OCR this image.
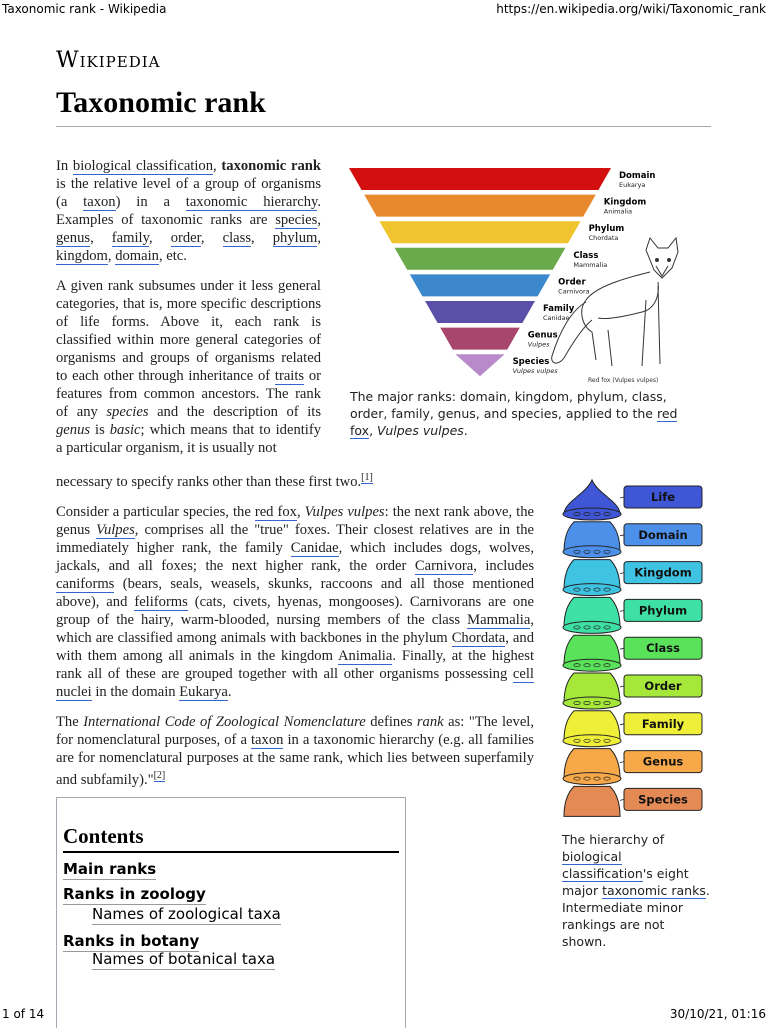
Taxonomic rank - Wikipedia	https://en.wikipedia.org/wiki/Taxonomic_rank
Wikipedia
Taxonomic rank

In biological classification, taxonomic rank is the relative level of a group of organisms (a taxon) in a taxonomic hierarchy. Examples of taxonomic ranks are species, genus, family, order, class, phylum, kingdom, domain, etc.

A given rank subsumes under it less general categories, that is, more specific descriptions of life forms. Above it, each rank is classified within more general categories of organisms and groups of organisms related to each other through inheritance of traits or features from common ancestors. The rank of any species and the description of its genus is basic; which means that to identify a particular organism, it is usually not

necessary to specify ranks other than these first two.[1]

Consider a particular species, the red fox, Vulpes vulpes: the next rank above, the genus Vulpes, comprises all the "true" foxes. Their closest relatives are in the immediately higher rank, the family Canidae, which includes dogs, wolves, jackals, and all foxes; the next higher rank, the order Carnivora, includes caniforms (bears, seals, weasels, skunks, raccoons and all those mentioned above), and feliforms (cats, civets, hyenas, mongooses). Carnivorans are one group of the hairy, warm-blooded, nursing members of the class Mammalia, which are classified among animals with backbones in the phylum Chordata, and with them among all animals in the kingdom Animalia. Finally, at the highest rank all of these are grouped together with all other organisms possessing cell nuclei in the domain Eukarya.

The International Code of Zoological Nomenclature defines rank as: "The level, for nomenclatural purposes, of a taxon in a taxonomic hierarchy (e.g. all families are for nomenclatural purposes at the same rank, which lies between superfamily and subfamily)."[2]

Domain
Eukarya
Kingdom
Animalia
Phylum
Chordata
Class
Mammalia
Order
Carnivora
Family
Canidae
Genus
Vulpes
Species
Vulpes vulpes
Red fox (Vulpes vulpes)
The major ranks: domain, kingdom, phylum, class, order, family, genus, and species, applied to the red fox, Vulpes vulpes.
Life
Domain
Kingdom
Phylum
Class
Order
Family
Genus
Species
The hierarchy of biological classification's eight major taxonomic ranks. Intermediate minor rankings are not shown.
Contents
Main ranks
Ranks in zoology
Names of zoological taxa
Ranks in botany
Names of botanical taxa
1 of 14	30/10/21, 01:16
